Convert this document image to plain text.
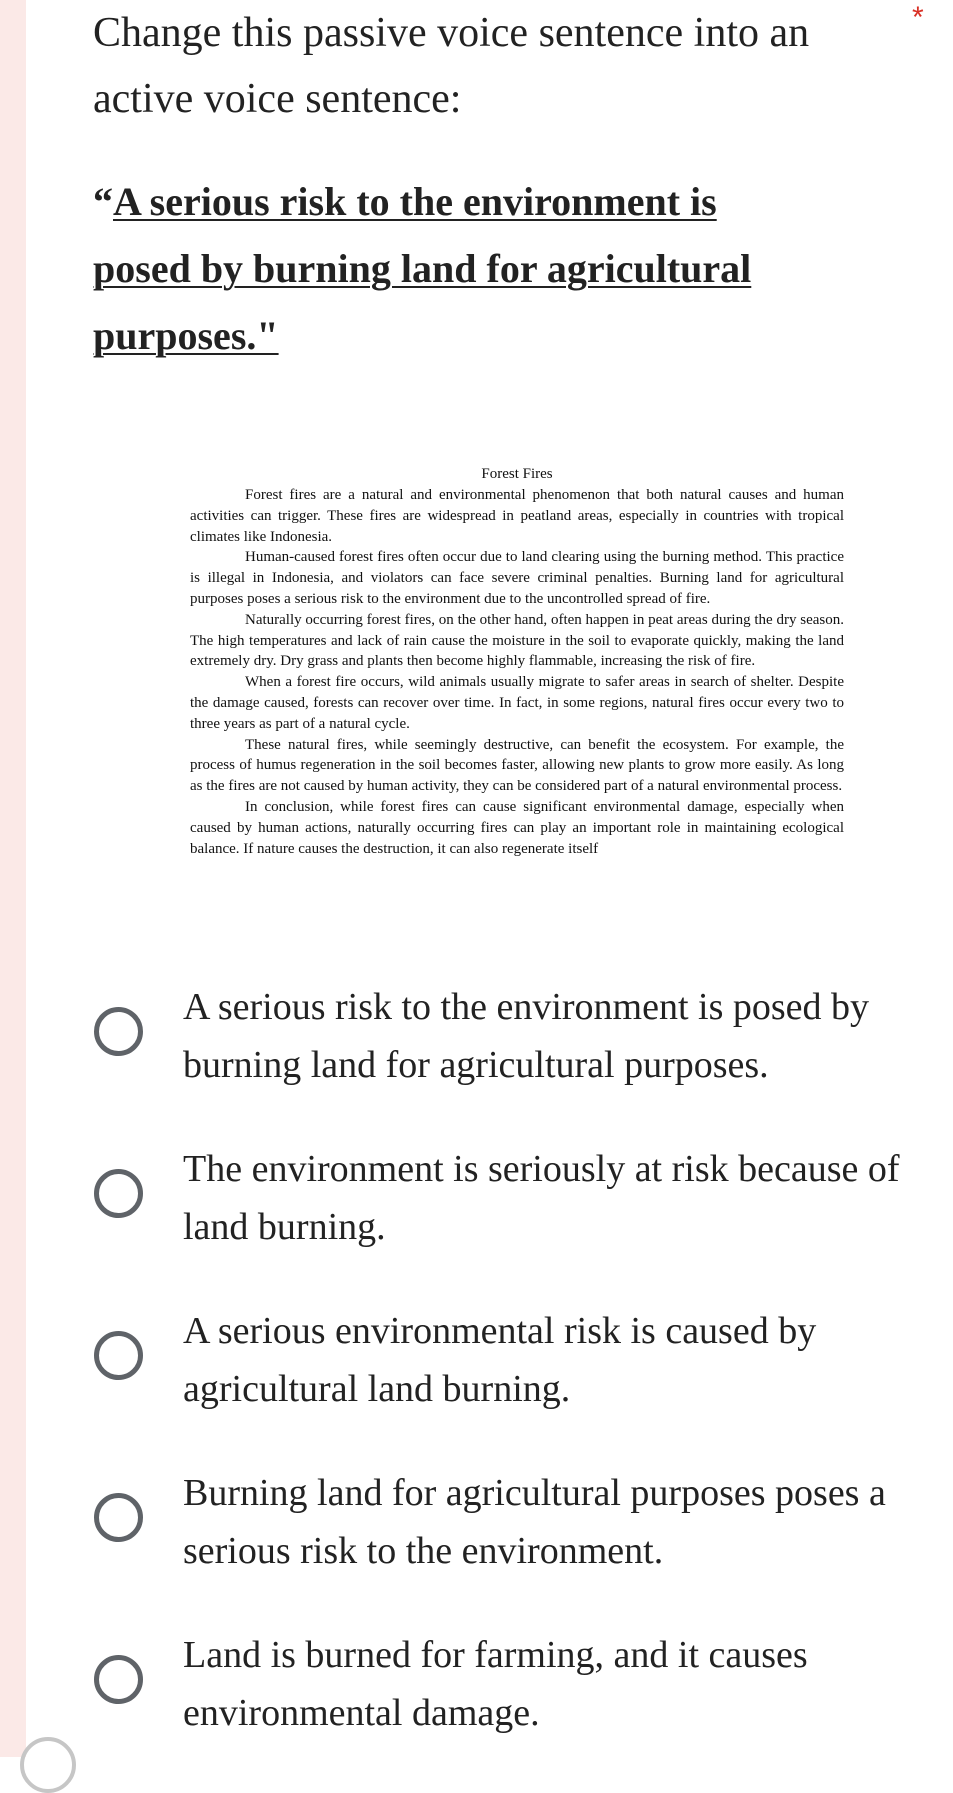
*
Change this passive voice sentence into an active voice sentence:
“A serious risk to the environment is
posed by burning land for agricultural
purposes."
Forest Fires

Forest fires are a natural and environmental phenomenon that both natural causes and human activities can trigger. These fires are widespread in peatland areas, especially in countries with tropical climates like Indonesia.

Human-caused forest fires often occur due to land clearing using the burning method. This practice is illegal in Indonesia, and violators can face severe criminal penalties. Burning land for agricultural purposes poses a serious risk to the environment due to the uncontrolled spread of fire.

Naturally occurring forest fires, on the other hand, often happen in peat areas during the dry season. The high temperatures and lack of rain cause the moisture in the soil to evaporate quickly, making the land extremely dry. Dry grass and plants then become highly flammable, increasing the risk of fire.

When a forest fire occurs, wild animals usually migrate to safer areas in search of shelter. Despite the damage caused, forests can recover over time. In fact, in some regions, natural fires occur every two to three years as part of a natural cycle.

These natural fires, while seemingly destructive, can benefit the ecosystem. For example, the process of humus regeneration in the soil becomes faster, allowing new plants to grow more easily. As long as the fires are not caused by human activity, they can be considered part of a natural environmental process.

In conclusion, while forest fires can cause significant environmental damage, especially when caused by human actions, naturally occurring fires can play an important role in maintaining ecological balance. If nature causes the destruction, it can also regenerate itself

A serious risk to the environment is posed by burning land for agricultural purposes.
The environment is seriously at risk because of land burning.
A serious environmental risk is caused by agricultural land burning.
Burning land for agricultural purposes poses a serious risk to the environment.
Land is burned for farming, and it causes environmental damage.
